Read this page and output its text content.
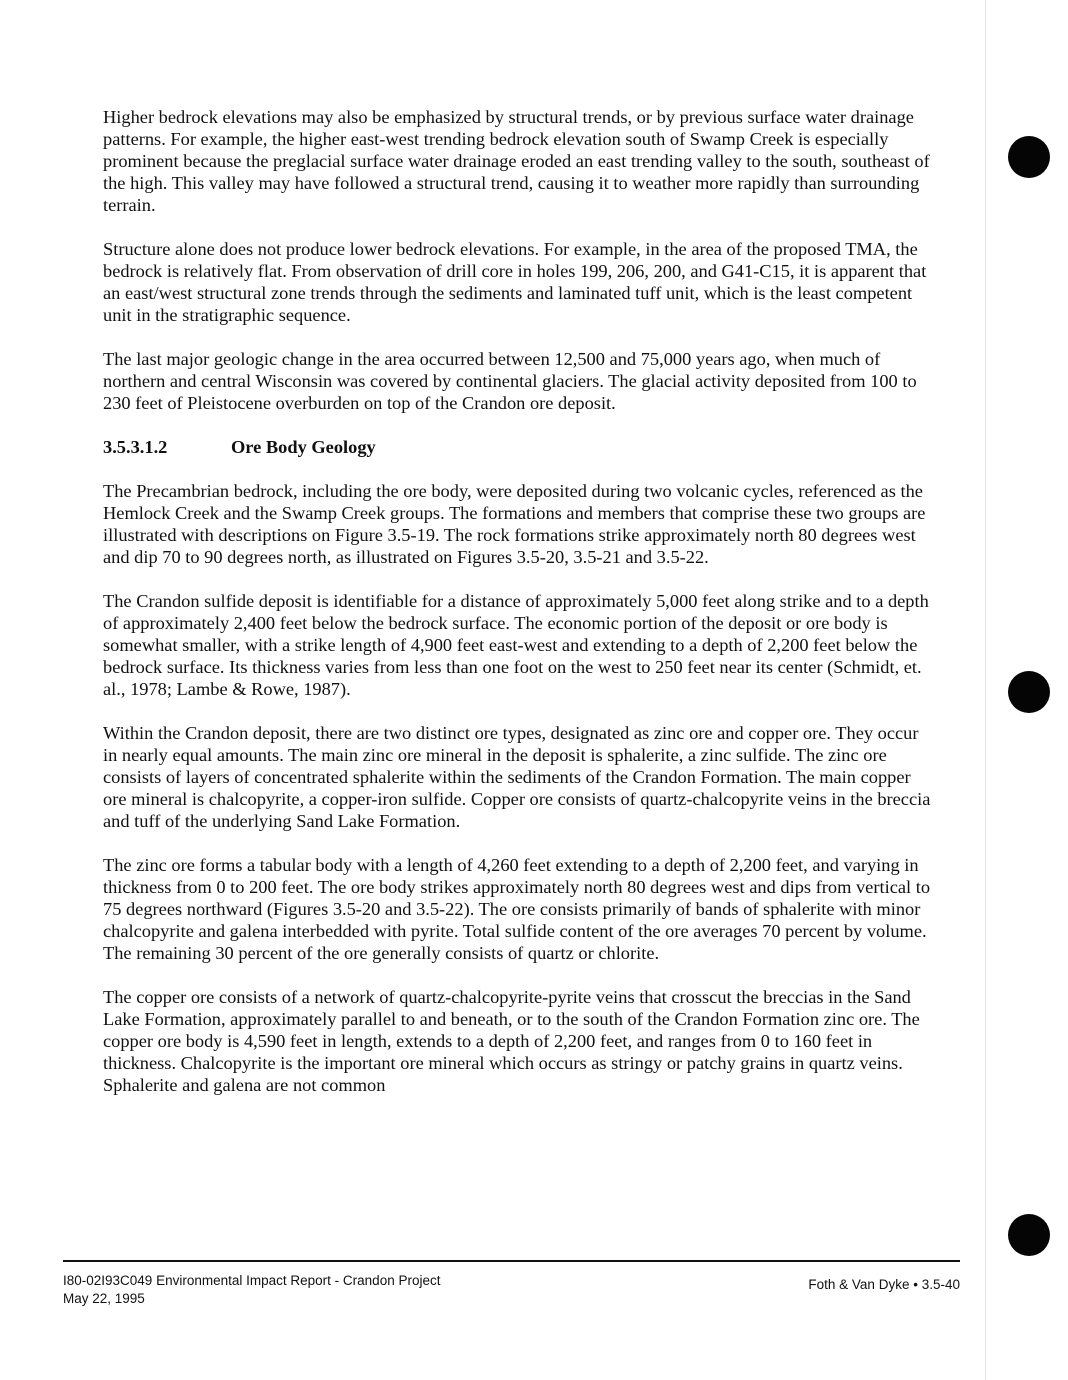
Higher bedrock elevations may also be emphasized by structural trends, or by previous surface water drainage patterns. For example, the higher east-west trending bedrock elevation south of Swamp Creek is especially prominent because the preglacial surface water drainage eroded an east trending valley to the south, southeast of the high. This valley may have followed a structural trend, causing it to weather more rapidly than surrounding terrain.

Structure alone does not produce lower bedrock elevations. For example, in the area of the proposed TMA, the bedrock is relatively flat. From observation of drill core in holes 199, 206, 200, and G41-C15, it is apparent that an east/west structural zone trends through the sediments and laminated tuff unit, which is the least competent unit in the stratigraphic sequence.

The last major geologic change in the area occurred between 12,500 and 75,000 years ago, when much of northern and central Wisconsin was covered by continental glaciers. The glacial activity deposited from 100 to 230 feet of Pleistocene overburden on top of the Crandon ore deposit.

3.5.3.1.2	Ore Body Geology

The Precambrian bedrock, including the ore body, were deposited during two volcanic cycles, referenced as the Hemlock Creek and the Swamp Creek groups. The formations and members that comprise these two groups are illustrated with descriptions on Figure 3.5-19. The rock formations strike approximately north 80 degrees west and dip 70 to 90 degrees north, as illustrated on Figures 3.5-20, 3.5-21 and 3.5-22.

The Crandon sulfide deposit is identifiable for a distance of approximately 5,000 feet along strike and to a depth of approximately 2,400 feet below the bedrock surface. The economic portion of the deposit or ore body is somewhat smaller, with a strike length of 4,900 feet east-west and extending to a depth of 2,200 feet below the bedrock surface. Its thickness varies from less than one foot on the west to 250 feet near its center (Schmidt, et. al., 1978; Lambe & Rowe, 1987).

Within the Crandon deposit, there are two distinct ore types, designated as zinc ore and copper ore. They occur in nearly equal amounts. The main zinc ore mineral in the deposit is sphalerite, a zinc sulfide. The zinc ore consists of layers of concentrated sphalerite within the sediments of the Crandon Formation. The main copper ore mineral is chalcopyrite, a copper-iron sulfide. Copper ore consists of quartz-chalcopyrite veins in the breccia and tuff of the underlying Sand Lake Formation.

The zinc ore forms a tabular body with a length of 4,260 feet extending to a depth of 2,200 feet, and varying in thickness from 0 to 200 feet. The ore body strikes approximately north 80 degrees west and dips from vertical to 75 degrees northward (Figures 3.5-20 and 3.5-22). The ore consists primarily of bands of sphalerite with minor chalcopyrite and galena interbedded with pyrite. Total sulfide content of the ore averages 70 percent by volume. The remaining 30 percent of the ore generally consists of quartz or chlorite.

The copper ore consists of a network of quartz-chalcopyrite-pyrite veins that crosscut the breccias in the Sand Lake Formation, approximately parallel to and beneath, or to the south of the Crandon Formation zinc ore. The copper ore body is 4,590 feet in length, extends to a depth of 2,200 feet, and ranges from 0 to 160 feet in thickness. Chalcopyrite is the important ore mineral which occurs as stringy or patchy grains in quartz veins. Sphalerite and galena are not common

I80-02I93C049 Environmental Impact Report - Crandon Project
May 22, 1995
Foth & Van Dyke • 3.5-40
